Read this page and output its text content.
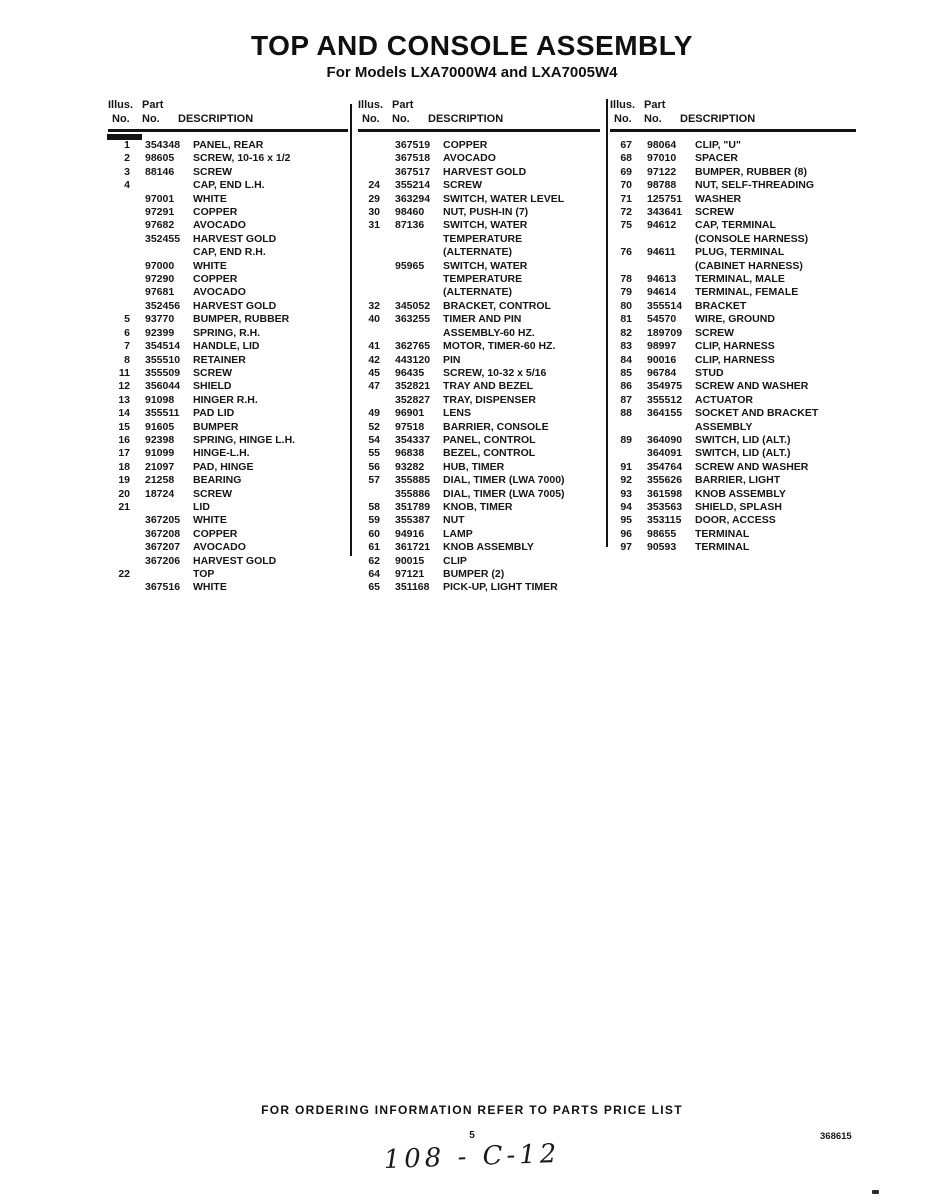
TOP AND CONSOLE ASSEMBLY
For Models LXA7000W4 and LXA7005W4
Illus. Part
No. No. DESCRIPTION
1 354348	PANEL, REAR
2 98605	SCREW, 10-16 x 1/2
3 88146	SCREW
4	CAP, END L.H.
97001	WHITE
97291	COPPER
97682	AVOCADO
352455	HARVEST GOLD
CAP, END R.H.
97000	WHITE
97290	COPPER
97681	AVOCADO
352456	HARVEST GOLD
5 93770	BUMPER, RUBBER
6 92399	SPRING, R.H.
7 354514	HANDLE, LID
8 355510	RETAINER
11 355509	SCREW
12 356044	SHIELD
13 91098	HINGER R.H.
14 355511	PAD LID
15 91605	BUMPER
16 92398	SPRING, HINGE L.H.
17 91099	HINGE-L.H.
18 21097	PAD, HINGE
19 21258	BEARING
20 18724	SCREW
21	LID
367205	WHITE
367208	COPPER
367207	AVOCADO
367206	HARVEST GOLD
22	TOP
367516	WHITE
Illus. Part
No. No. DESCRIPTION
367519	COPPER
367518	AVOCADO
367517	HARVEST GOLD
24 355214	SCREW
29 363294	SWITCH, WATER LEVEL
30 98460	NUT, PUSH-IN (7)
31 87136	SWITCH, WATER
TEMPERATURE
(ALTERNATE)
95965	SWITCH, WATER
TEMPERATURE
(ALTERNATE)
32 345052	BRACKET, CONTROL
40 363255	TIMER AND PIN
ASSEMBLY-60 HZ.
41 362765	MOTOR, TIMER-60 HZ.
42 443120	PIN
45 96435	SCREW, 10-32 x 5/16
47 352821	TRAY AND BEZEL
352827	TRAY, DISPENSER
49 96901	LENS
52 97518	BARRIER, CONSOLE
54 354337	PANEL, CONTROL
55 96838	BEZEL, CONTROL
56 93282	HUB, TIMER
57 355885	DIAL, TIMER (LWA 7000)
355886	DIAL, TIMER (LWA 7005)
58 351789	KNOB, TIMER
59 355387	NUT
60 94916	LAMP
61 361721	KNOB ASSEMBLY
62 90015	CLIP
64 97121	BUMPER (2)
65 351168	PICK-UP, LIGHT TIMER
Illus. Part
No. No. DESCRIPTION
67 98064	CLIP, "U"
68 97010	SPACER
69 97122	BUMPER, RUBBER (8)
70 98788	NUT, SELF-THREADING
71 125751	WASHER
72 343641	SCREW
75 94612	CAP, TERMINAL
(CONSOLE HARNESS)
76 94611	PLUG, TERMINAL
(CABINET HARNESS)
78 94613	TERMINAL, MALE
79 94614	TERMINAL, FEMALE
80 355514	BRACKET
81 54570	WIRE, GROUND
82 189709	SCREW
83 98997	CLIP, HARNESS
84 90016	CLIP, HARNESS
85 96784	STUD
86 354975	SCREW AND WASHER
87 355512	ACTUATOR
88 364155	SOCKET AND BRACKET
ASSEMBLY
89 364090	SWITCH, LID (ALT.)
364091	SWITCH, LID (ALT.)
91 354764	SCREW AND WASHER
92 355626	BARRIER, LIGHT
93 361598	KNOB ASSEMBLY
94 353563	SHIELD, SPLASH
95 353115	DOOR, ACCESS
96 98655	TERMINAL
97 90593	TERMINAL
FOR ORDERING INFORMATION REFER TO PARTS PRICE LIST
5
108 - C-12
368615
